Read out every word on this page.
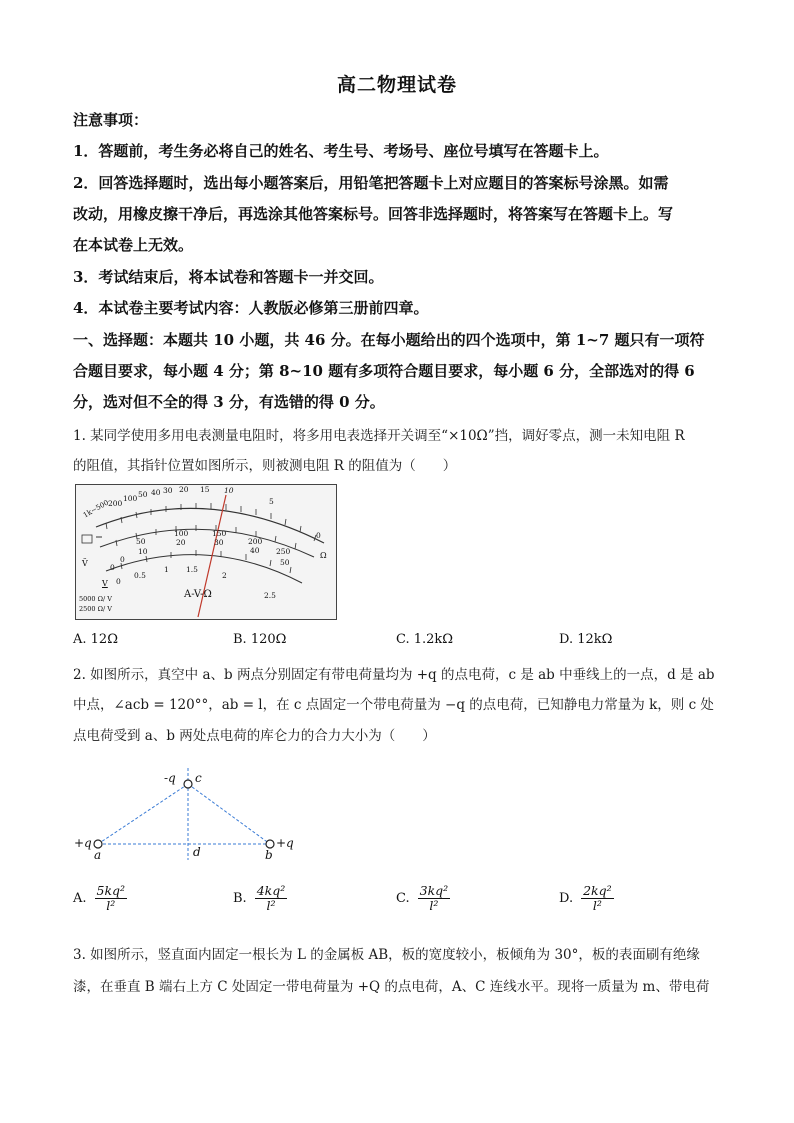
高二物理试卷
注意事项：
1．答题前，考生务必将自己的姓名、考生号、考场号、座位号填写在答题卡上。
2．回答选择题时，选出每小题答案后，用铅笔把答题卡上对应题目的答案标号涂黑。如需
改动，用橡皮擦干净后，再选涂其他答案标号。回答非选择题时，将答案写在答题卡上。写
在本试卷上无效。
3．考试结束后，将本试卷和答题卡一并交回。
4．本试卷主要考试内容：人教版必修第三册前四章。
一、选择题：本题共 10 小题，共 46 分。在每小题给出的四个选项中，第 1~7 题只有一项符
合题目要求，每小题 4 分；第 8~10 题有多项符合题目要求，每小题 6 分，全部选对的得 6
分，选对但不全的得 3 分，有选错的得 0 分。
1. 某同学使用多用电表测量电阻时，将多用电表选择开关调至“×10Ω”挡，调好零点，测一未知电阻 R
的阻值，其指针位置如图所示，则被测电阻 R 的阻值为（　　）
1k~500
200
100 50 40 30 20 15 10
5
0
Ω
0
50
100	150
200
250
0
10
20	30
40
50
0
0.5
1 1.5
2
2.5
Ṽ
V
A-V-Ω
5000 Ω/ V
2500 Ω/ V
A. 12Ω	B. 120Ω	C. 1.2kΩ	D. 12kΩ
2. 如图所示，真空中 a、b 两点分别固定有带电荷量均为 +q 的点电荷，c 是 ab 中垂线上的一点，d 是 ab
中点，∠acb = 120°°，ab = l，在 c 点固定一个带电荷量为 −q 的点电荷，已知静电力常量为 k，则 c 处
点电荷受到 a、b 两处点电荷的库仑力的合力大小为（　　）
-q c
+q
a
+q
b
d
A. $\frac{\text{5kq²}}{\text{l²}}$	B. $\frac{\text{4kq²}}{\text{l²}}$	C. $\frac{\text{3kq²}}{\text{l²}}$	D. $\frac{\text{2kq²}}{\text{l²}}$
3. 如图所示，竖直面内固定一根长为 L 的金属板 AB，板的宽度较小，板倾角为 30°，板的表面刷有绝缘
漆，在垂直 B 端右上方 C 处固定一带电荷量为 +Q 的点电荷，A、C 连线水平。现将一质量为 m、带电荷
